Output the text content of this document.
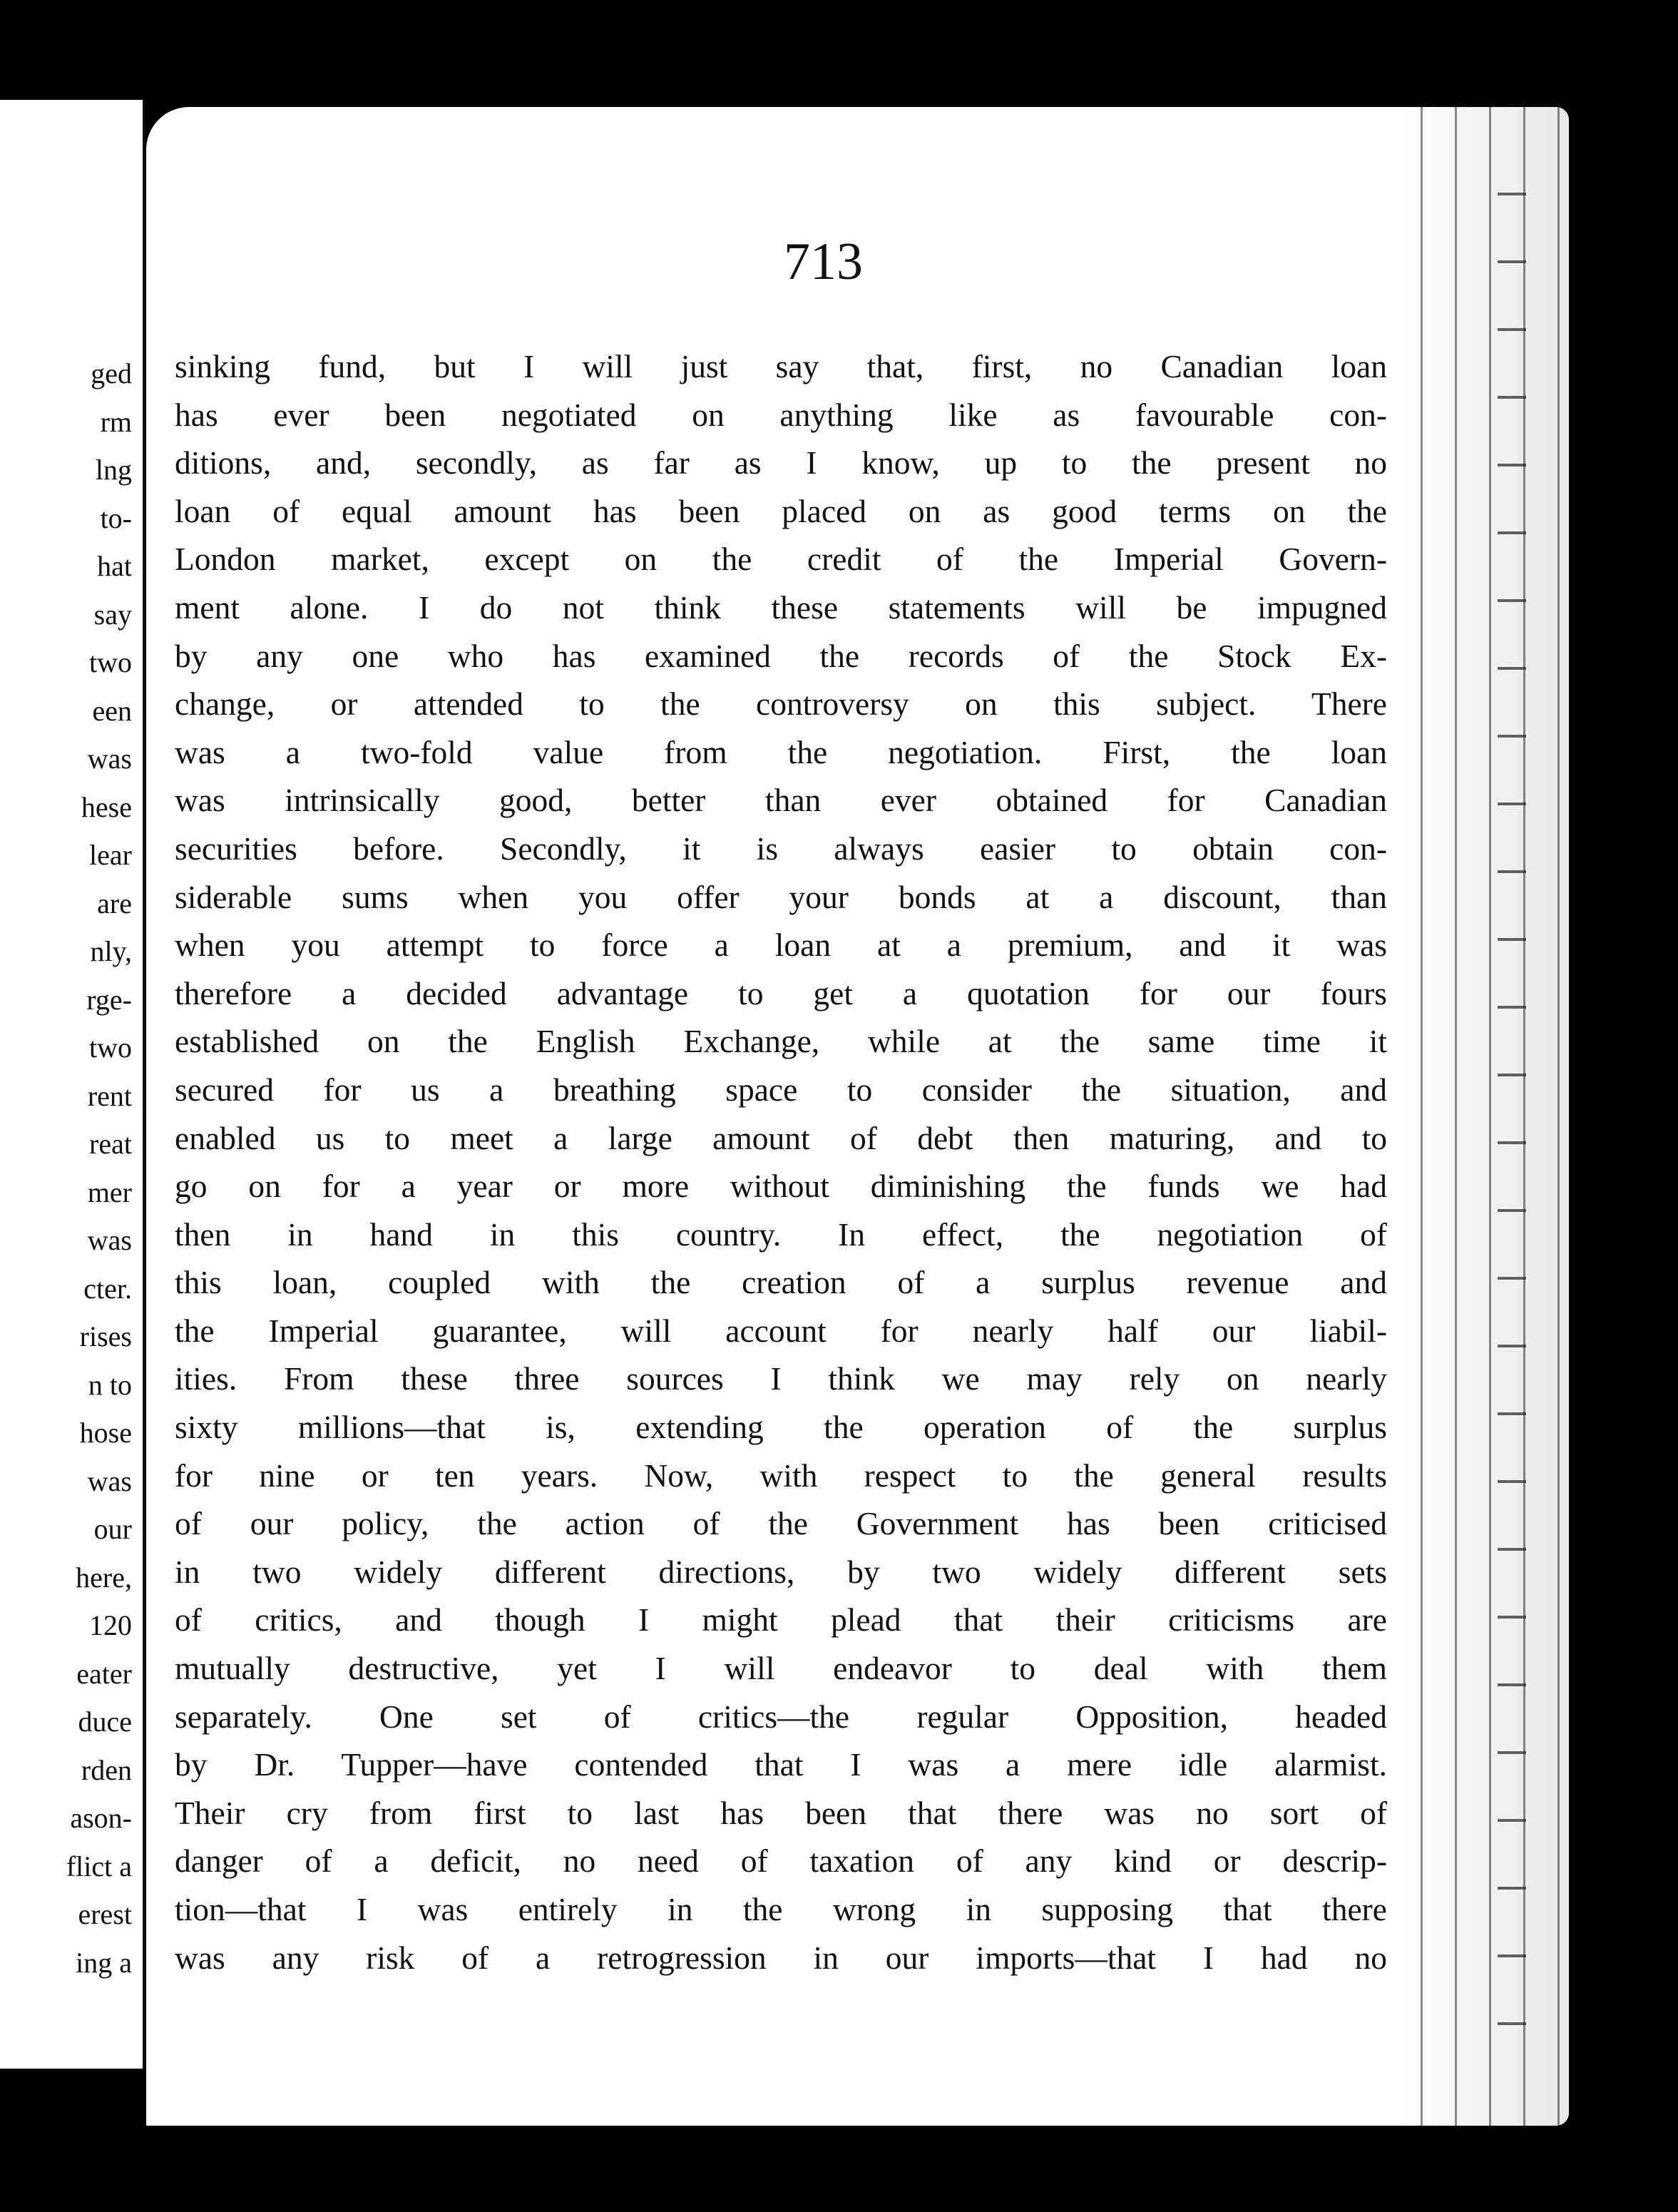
ged
rm
lng
to-
hat
say
two
een
was
hese
lear
are
nly,
rge-
two
rent
reat
mer
was
cter.
rises
n to
hose
was
our
here,
120
eater
duce
rden
ason-
flict a
erest
ing a
713
sinking fund, but I will just say that, first, no Canadian loan
has ever been negotiated on anything like as favourable con-
ditions, and, secondly, as far as I know, up to the present no
loan of equal amount has been placed on as good terms on the
London market, except on the credit of the Imperial Govern-
ment alone. I do not think these statements will be impugned
by any one who has examined the records of the Stock Ex-
change, or attended to the controversy on this subject. There
was a two-fold value from the negotiation. First, the loan
was intrinsically good, better than ever obtained for Canadian
securities before. Secondly, it is always easier to obtain con-
siderable sums when you offer your bonds at a discount, than
when you attempt to force a loan at a premium, and it was
therefore a decided advantage to get a quotation for our fours
established on the English Exchange, while at the same time it
secured for us a breathing space to consider the situation, and
enabled us to meet a large amount of debt then maturing, and to
go on for a year or more without diminishing the funds we had
then in hand in this country. In effect, the negotiation of
this loan, coupled with the creation of a surplus revenue and
the Imperial guarantee, will account for nearly half our liabil-
ities. From these three sources I think we may rely on nearly
sixty millions—that is, extending the operation of the surplus
for nine or ten years. Now, with respect to the general results
of our policy, the action of the Government has been criticised
in two widely different directions, by two widely different sets
of critics, and though I might plead that their criticisms are
mutually destructive, yet I will endeavor to deal with them
separately. One set of critics—the regular Opposition, headed
by Dr. Tupper—have contended that I was a mere idle alarmist.
Their cry from first to last has been that there was no sort of
danger of a deficit, no need of taxation of any kind or descrip-
tion—that I was entirely in the wrong in supposing that there
was any risk of a retrogression in our imports—that I had no
